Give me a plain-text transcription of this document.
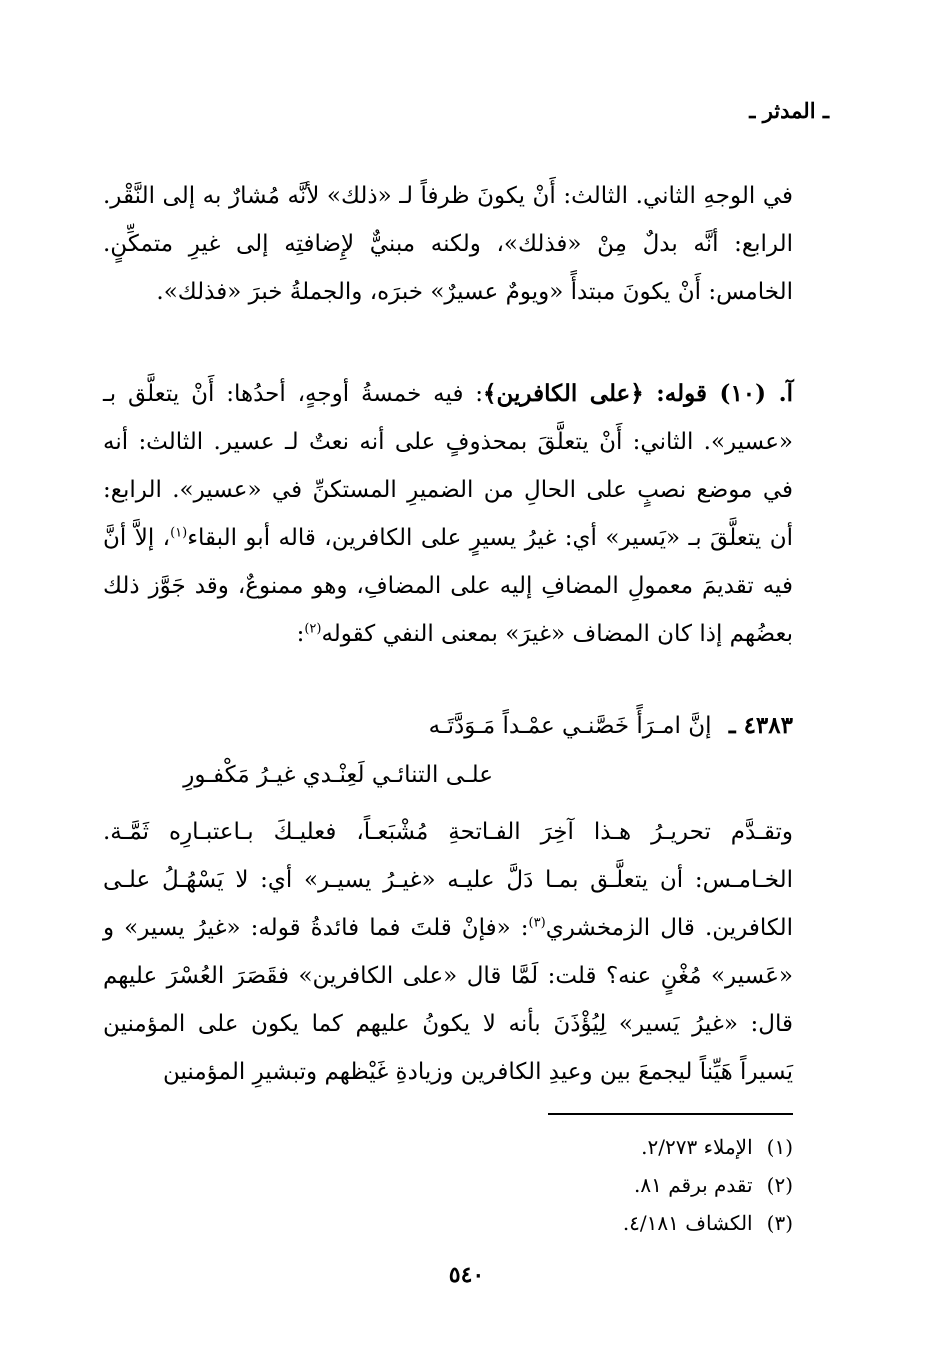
ـ المدثر ـ

في الوجهِ الثاني. الثالث: أَنْ يكونَ ظرفاً لـ «ذلك» لأنَّه مُشارٌ به إلى النَّقْر. الرابع: أنَّه بدلٌ مِنْ «فذلك»، ولكنه مبنيٌّ لإِضافتِه إلى غيرِ متمكِّنٍ. الخامس: أَنْ يكونَ مبتدأً «ويومٌ عسيرٌ» خبرَه، والجملةُ خبرَ «فذلك».

آ. (١٠) قوله: ﴿على الكافرين﴾: فيه خمسةُ أوجهٍ، أحدُها: أَنْ يتعلَّق بـ «عسير». الثاني: أَنْ يتعلَّقَ بمحذوفٍ على أنه نعتٌ لـ عسير. الثالث: أنه في موضع نصبٍ على الحالِ من الضميرِ المستكنِّ في «عسير». الرابع: أن يتعلَّقَ بـ «يَسير» أي: غيرُ يسيرٍ على الكافرين، قاله أبو البقاء$^{(١)}$، إلاَّ أنَّ فيه تقديمَ معمولِ المضافِ إليه على المضافِ، وهو ممنوعٌ، وقد جَوَّز ذلك بعضُهم إذا كان المضاف «غيرَ» بمعنى النفي كقوله$^{(٢)}$:

٤٣٨٣ ـ إنَّ امـرَأً خَصَّنـي عمْـداً مَـوَدَّتَـه
علـى التنائـي لَعِنْـدي غيـرُ مَكْفـورِ

وتقـدَّم تحريـرُ هـذا آخِرَ الفـاتحةِ مُشْبَعـاً، فعليـكَ بـاعتبـارِه ثَمَّـة. الخـامـس: أن يتعلَّـق بمـا دَلَّ عليـه «غيـرُ يسيـر» أي: لا يَسْهُـلُ علـى الكافرين. قال الزمخشري$^{(٣)}$: «فإنْ قلتَ فما فائدةُ قوله: «غيرُ يسير» و «عَسير» مُغْنٍ عنه؟ قلت: لَمَّا قال «على الكافرين» فقَصَرَ العُسْرَ عليهم قال: «غيرُ يَسير» لِيُؤْذَنَ بأنه لا يكونُ عليهم كما يكون على المؤمنين يَسيراً هَيِّناً ليجمعَ بين وعيدِ الكافرين وزيادةِ غَيْظهم وتبشيرِ المؤمنين

(١)الإملاء ٢/٢٧٣.
(٢)تقدم برقم ٨١.
(٣)الكشاف ٤/١٨١.
٥٤٠
